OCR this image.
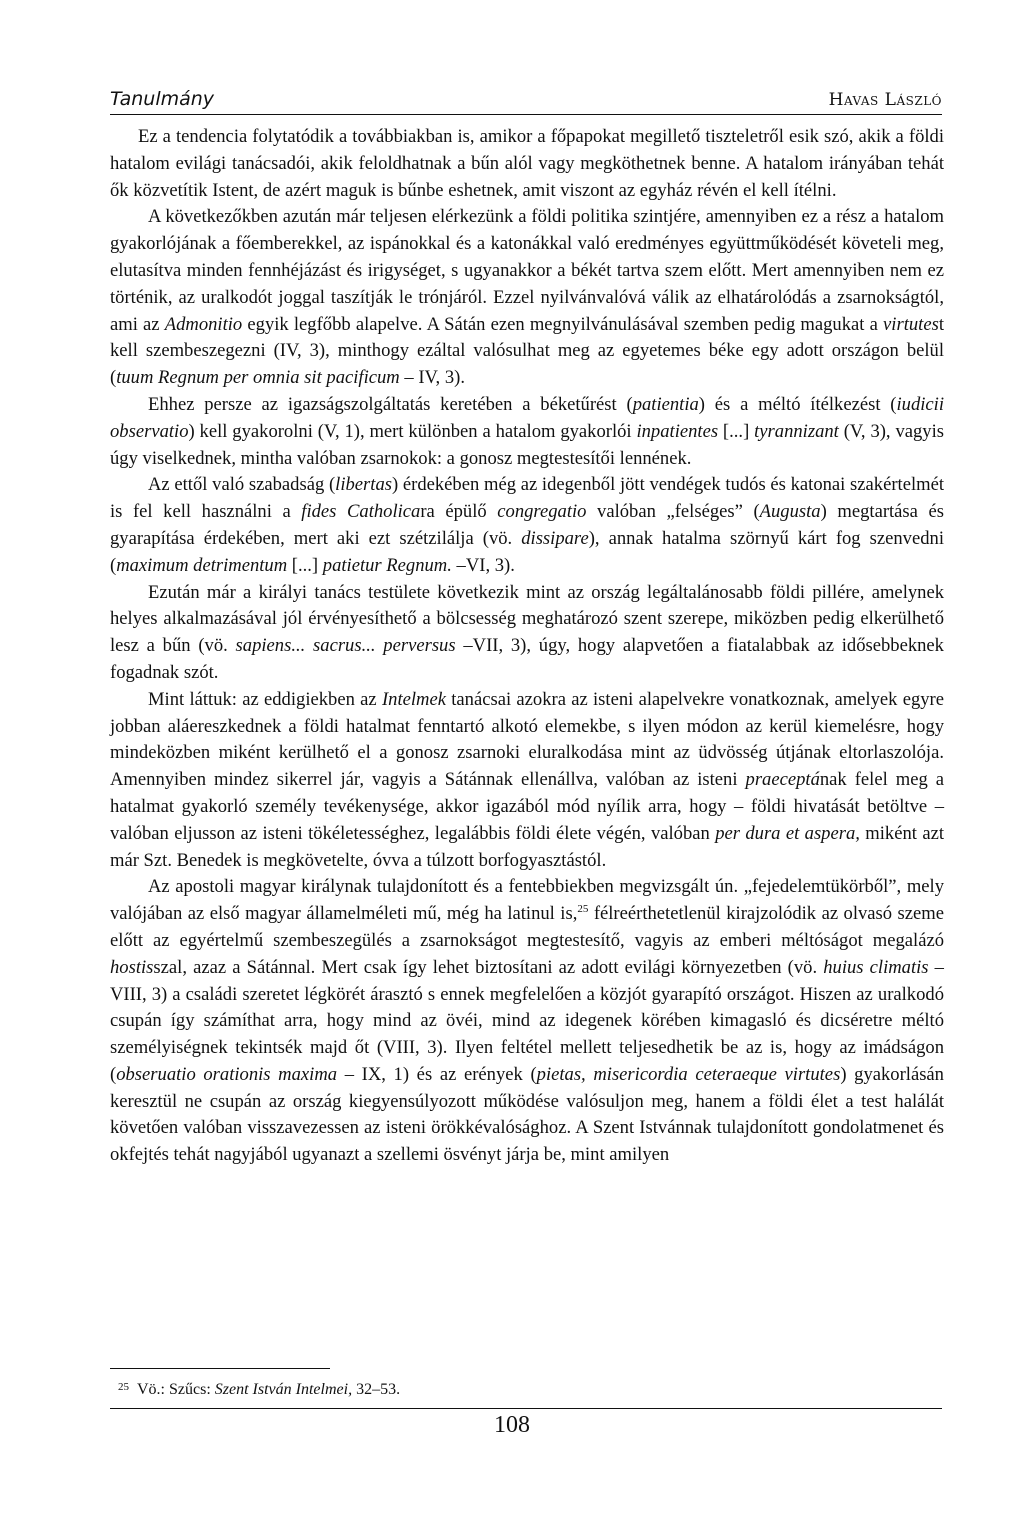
Tanulmány	Havas László

Ez a tendencia folytatódik a továbbiakban is, amikor a főpapokat megillető tiszteletről esik szó, akik a földi hatalom evilági tanácsadói, akik feloldhatnak a bűn alól vagy megköthetnek benne. A hatalom irányában tehát ők közvetítik Istent, de azért maguk is bűnbe eshetnek, amit viszont az egyház révén el kell ítélni.

A következőkben azután már teljesen elérkezünk a földi politika szintjére, amennyiben ez a rész a hatalom gyakorlójának a főemberekkel, az ispánokkal és a katonákkal való eredményes együttműködését követeli meg, elutasítva minden fennhéjázást és irigységet, s ugyanakkor a békét tartva szem előtt. Mert amennyiben nem ez történik, az uralkodót joggal taszítják le trónjáról. Ezzel nyilvánvalóvá válik az elhatárolódás a zsarnokságtól, ami az Admonitio egyik legfőbb alapelve. A Sátán ezen megnyilvánulásával szemben pedig magukat a virtutest kell szembeszegezni (IV, 3), minthogy ezáltal valósulhat meg az egyetemes béke egy adott országon belül (tuum Regnum per omnia sit pacificum – IV, 3).

Ehhez persze az igazságszolgáltatás keretében a béketűrést (patientia) és a méltó ítélkezést (iudicii observatio) kell gyakorolni (V, 1), mert különben a hatalom gyakorlói inpatientes [...] tyrannizant (V, 3), vagyis úgy viselkednek, mintha valóban zsarnokok: a gonosz megtestesítői lennének.

Az ettől való szabadság (libertas) érdekében még az idegenből jött vendégek tudós és katonai szakértelmét is fel kell használni a fides Catholicara épülő congregatio valóban „felséges” (Augusta) megtartása és gyarapítása érdekében, mert aki ezt szétzilálja (vö. dissipare), annak hatalma szörnyű kárt fog szenvedni (maximum detrimentum [...] patietur Regnum. –VI, 3).

Ezután már a királyi tanács testülete következik mint az ország legáltalánosabb földi pillére, amelynek helyes alkalmazásával jól érvényesíthető a bölcsesség meghatározó szent szerepe, miközben pedig elkerülhető lesz a bűn (vö. sapiens... sacrus... perversus –VII, 3), úgy, hogy alapvetően a fiatalabbak az idősebbeknek fogadnak szót.

Mint láttuk: az eddigiekben az Intelmek tanácsai azokra az isteni alapelvekre vonatkoznak, amelyek egyre jobban aláereszkednek a földi hatalmat fenntartó alkotó elemekbe, s ilyen módon az kerül kiemelésre, hogy mindeközben miként kerülhető el a gonosz zsarnoki eluralkodása mint az üdvösség útjának eltorlaszolója. Amennyiben mindez sikerrel jár, vagyis a Sátánnak ellenállva, valóban az isteni praeceptának felel meg a hatalmat gyakorló személy tevékenysége, akkor igazából mód nyílik arra, hogy – földi hivatását betöltve – valóban eljusson az isteni tökéletességhez, legalábbis földi élete végén, valóban per dura et aspera, miként azt már Szt. Benedek is megkövetelte, óvva a túlzott borfogyasztástól.

Az apostoli magyar királynak tulajdonított és a fentebbiekben megvizsgált ún. „fejedelemtükörből”, mely valójában az első magyar államelméleti mű, még ha latinul is,$^{25}$ félreérthetetlenül kirajzolódik az olvasó szeme előtt az egyértelmű szembeszegülés a zsarnokságot megtestesítő, vagyis az emberi méltóságot megalázó hostisszal, azaz a Sátánnal. Mert csak így lehet biztosítani az adott evilági környezetben (vö. huius climatis – VIII, 3) a családi szeretet légkörét árasztó s ennek megfelelően a közjót gyarapító országot. Hiszen az uralkodó csupán így számíthat arra, hogy mind az övéi, mind az idegenek körében kimagasló és dicséretre méltó személyiségnek tekintsék majd őt (VIII, 3). Ilyen feltétel mellett teljesedhetik be az is, hogy az imádságon (obseruatio orationis maxima – IX, 1) és az erények (pietas, misericordia ceteraeque virtutes) gyakorlásán keresztül ne csupán az ország kiegyensúlyozott működése valósuljon meg, hanem a földi élet a test halálát követően valóban visszavezessen az isteni örökkévalósághoz. A Szent Istvánnak tulajdonított gondolatmenet és okfejtés tehát nagyjából ugyanazt a szellemi ösvényt járja be, mint amilyen

$^{25}$ Vö.: Szűcs: Szent István Intelmei, 32–53.
108
